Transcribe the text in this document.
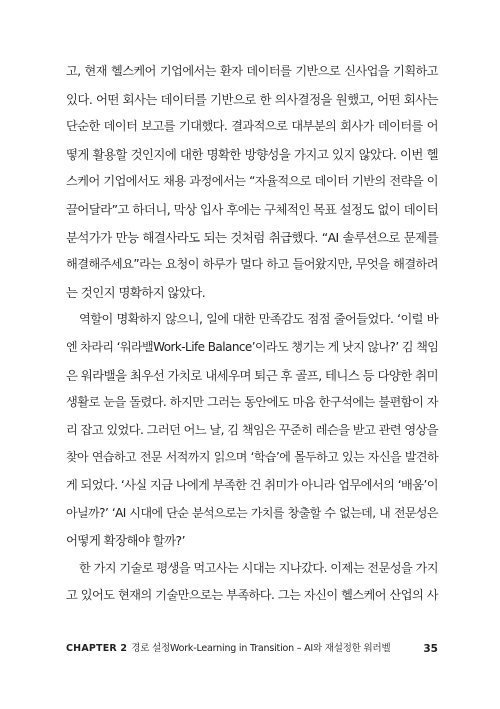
고, 현재 헬스케어 기업에서는 환자 데이터를 기반으로 신사업을 기획하고
있다. 어떤 회사는 데이터를 기반으로 한 의사결정을 원했고, 어떤 회사는
단순한 데이터 보고를 기대했다. 결과적으로 대부분의 회사가 데이터를 어
떻게 활용할 것인지에 대한 명확한 방향성을 가지고 있지 않았다. 이번 헬
스케어 기업에서도 채용 과정에서는 “자율적으로 데이터 기반의 전략을 이
끌어달라”고 하더니, 막상 입사 후에는 구체적인 목표 설정도 없이 데이터
분석가가 만능 해결사라도 되는 것처럼 취급했다. “AI 솔루션으로 문제를
해결해주세요”라는 요청이 하루가 멀다 하고 들어왔지만, 무엇을 해결하려
는 것인지 명확하지 않았다.
역할이 명확하지 않으니, 일에 대한 만족감도 점점 줄어들었다. ‘이럴 바
엔 차라리 ‘워라밸Work-Life Balance’이라도 챙기는 게 낫지 않나?’ 김 책임
은 워라밸을 최우선 가치로 내세우며 퇴근 후 골프, 테니스 등 다양한 취미
생활로 눈을 돌렸다. 하지만 그러는 동안에도 마음 한구석에는 불편함이 자
리 잡고 있었다. 그러던 어느 날, 김 책임은 꾸준히 레슨을 받고 관련 영상을
찾아 연습하고 전문 서적까지 읽으며 ‘학습’에 몰두하고 있는 자신을 발견하
게 되었다. ‘사실 지금 나에게 부족한 건 취미가 아니라 업무에서의 ‘배움’이
아닐까?’ ‘AI 시대에 단순 분석으로는 가치를 창출할 수 없는데, 내 전문성은
어떻게 확장해야 할까?’
한 가지 기술로 평생을 먹고사는 시대는 지나갔다. 이제는 전문성을 가지
고 있어도 현재의 기술만으로는 부족하다. 그는 자신이 헬스케어 산업의 사
CHAPTER 2 경로 설정Work-Learning in Transition – AI와 재설정한 워러벨	35
